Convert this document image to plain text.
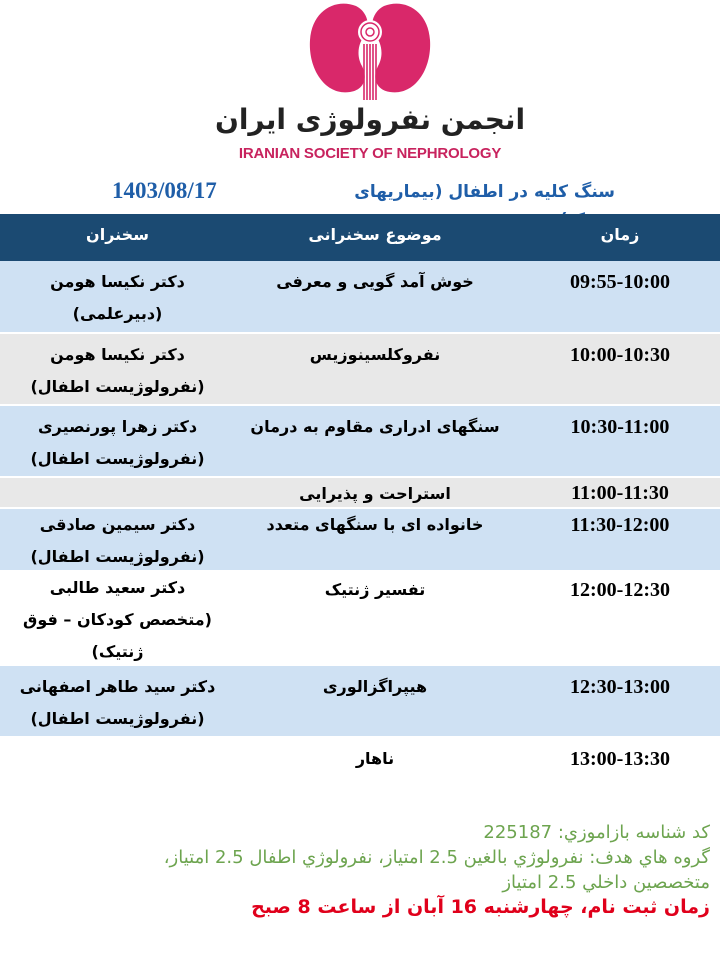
انجمن نفرولوژی ایران
IRANIAN SOCIETY OF NEPHROLOGY
1403/08/17	سنگ کلیه در اطفال (بیماریهای
زمان
موضوع سخنرانی
سخنران
09:55-10:00
خوش آمد گویی و معرفی
دکتر نکیسا هومن
(دبیرعلمی)
10:00-10:30
نفروکلسینوزیس
دکتر نکیسا هومن
(نفرولوژیست اطفال)
10:30-11:00
سنگهای ادراری مقاوم به درمان
دکتر زهرا پورنصیری
(نفرولوژیست اطفال)
11:00-11:30
استراحت و پذیرایی
11:30-12:00
خانواده ای با سنگهای متعدد
دکتر سیمین صادقی
(نفرولوژیست اطفال)
12:00-12:30
تفسیر ژنتیک
دکتر سعید طالبی
(متخصص کودکان – فوق
ژنتیک)
12:30-13:00
هیپراگزالوری
دکتر سید طاهر اصفهانی
(نفرولوژیست اطفال)
13:00-13:30
ناهار
کد شناسه بازاموزي: 225187
گروه هاي هدف: نفرولوژي بالغين 2.5 امتياز، نفرولوژي اطفال 2.5 امتياز،
متخصصين داخلي 2.5 امتياز
زمان ثبت نام، چهارشنبه 16 آبان از ساعت 8 صبح
